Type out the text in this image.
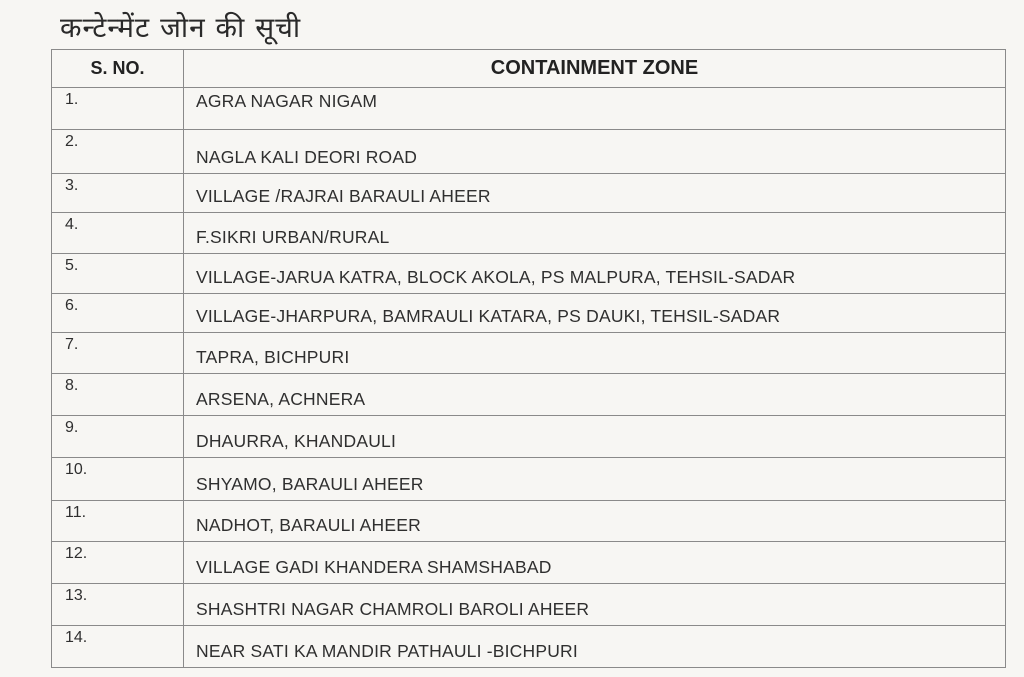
कन्टेन्मेंट जोन की सूची
S. NO.	CONTAINMENT ZONE
1.	AGRA NAGAR NIGAM
2.	NAGLA KALI DEORI ROAD
3.	VILLAGE /RAJRAI BARAULI AHEER
4.	F.SIKRI URBAN/RURAL
5.	VILLAGE-JARUA KATRA, BLOCK AKOLA, PS MALPURA, TEHSIL-SADAR
6.	VILLAGE-JHARPURA, BAMRAULI KATARA, PS DAUKI, TEHSIL-SADAR
7.	TAPRA, BICHPURI
8.	ARSENA, ACHNERA
9.	DHAURRA, KHANDAULI
10.	SHYAMO, BARAULI AHEER
11.	NADHOT, BARAULI AHEER
12.	VILLAGE GADI KHANDERA SHAMSHABAD
13.	SHASHTRI NAGAR CHAMROLI BAROLI AHEER
14.	NEAR SATI KA MANDIR PATHAULI -BICHPURI
